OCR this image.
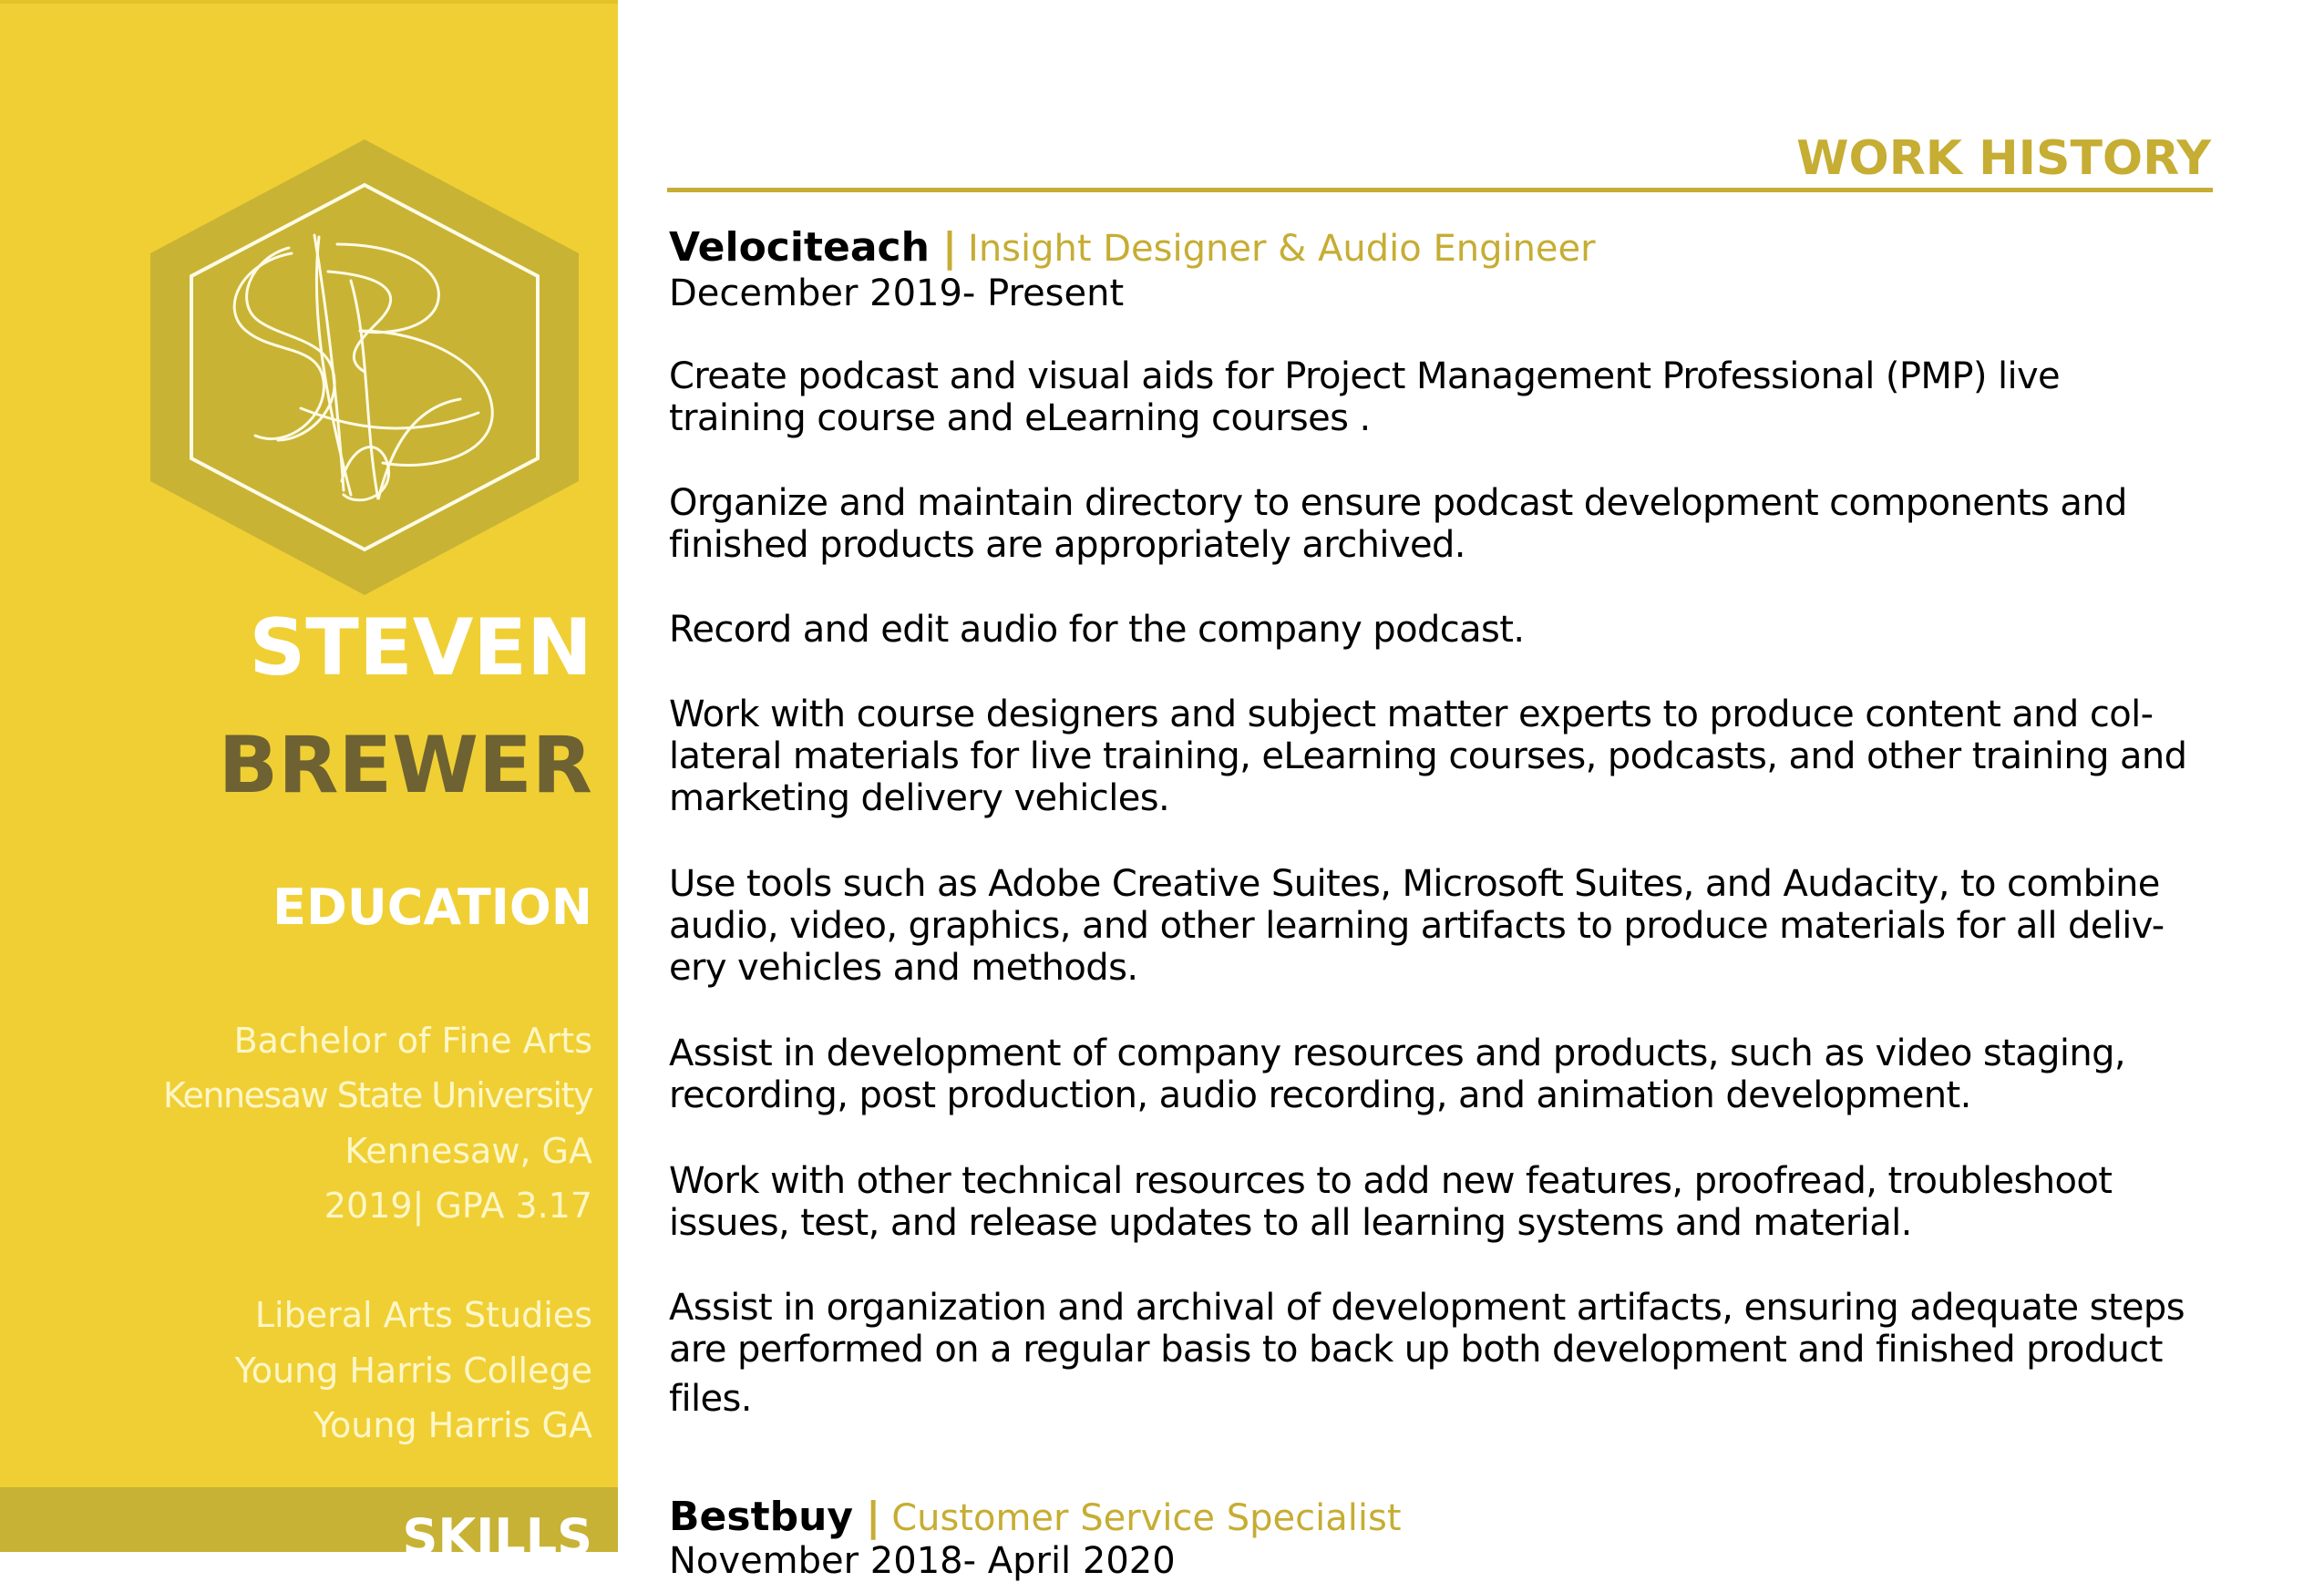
STEVEN
BREWER
EDUCATION
Bachelor of Fine Arts
Kennesaw State University
Kennesaw, GA
2019| GPA 3.17
Liberal Arts Studies
Young Harris College
Young Harris GA
SKILLS
WORK HISTORY
Velociteach | Insight Designer & Audio Engineer
December 2019- Present
Create podcast and visual aids for Project Management Professional (PMP) live
training course and eLearning courses .
Organize and maintain directory to ensure podcast development components and
finished products are appropriately archived.
Record and edit audio for the company podcast.
Work with course designers and subject matter experts to produce content and col-
lateral materials for live training, eLearning courses, podcasts, and other training and
marketing delivery vehicles.
Use tools such as Adobe Creative Suites, Microsoft Suites, and Audacity, to combine
audio, video, graphics, and other learning artifacts to produce materials for all deliv-
ery vehicles and methods.
Assist in development of company resources and products, such as video staging,
recording, post production, audio recording, and animation development.
Work with other technical resources to add new features, proofread, troubleshoot
issues, test, and release updates to all learning systems and material.
Assist in organization and archival of development artifacts, ensuring adequate steps
are performed on a regular basis to back up both development and finished product
files.
Bestbuy | Customer Service Specialist
November 2018- April 2020
